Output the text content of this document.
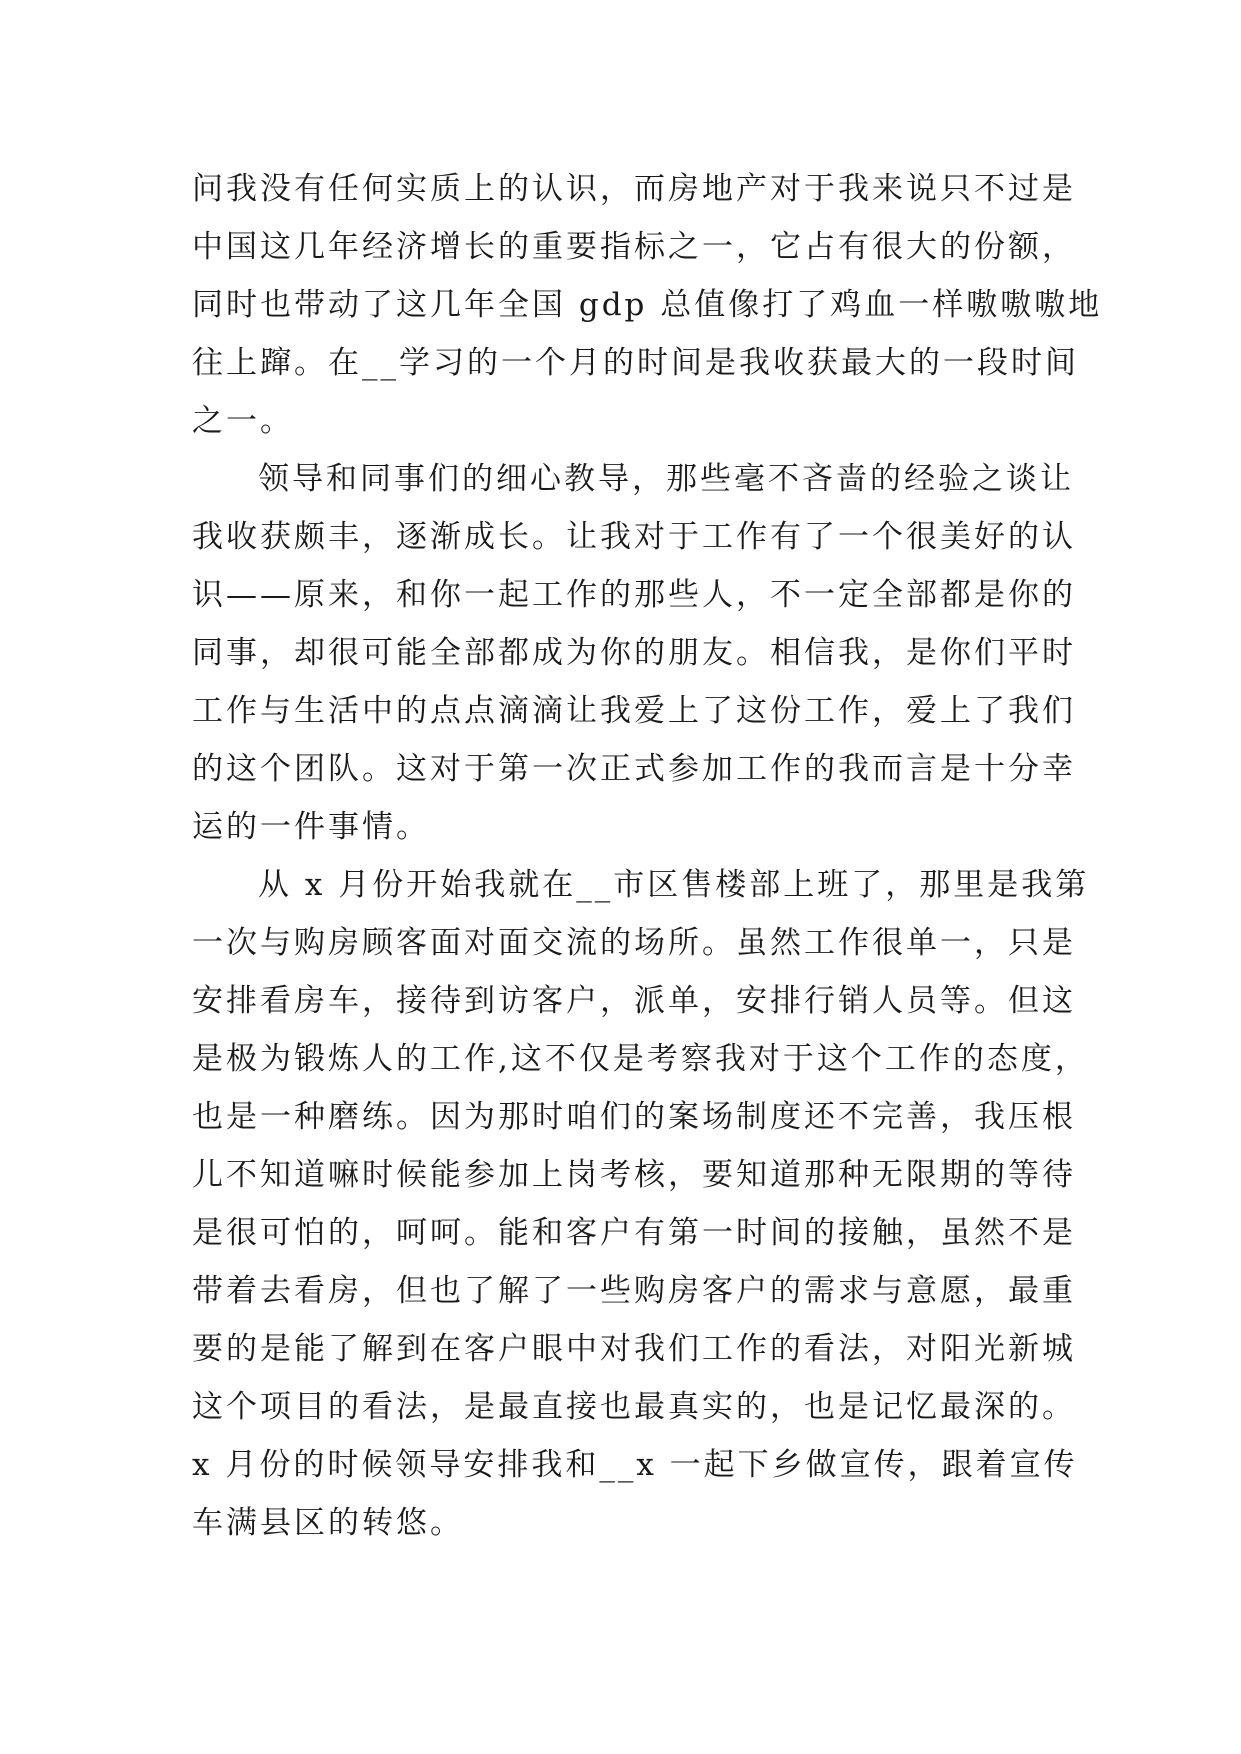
问我没有任何实质上的认识，而房地产对于我来说只不过是
中国这几年经济增长的重要指标之一，它占有很大的份额，
同时也带动了这几年全国 gdp 总值像打了鸡血一样嗷嗷嗷地
往上蹿。在__学习的一个月的时间是我收获最大的一段时间
之一。
领导和同事们的细心教导，那些毫不吝啬的经验之谈让
我收获颇丰，逐渐成长。让我对于工作有了一个很美好的认
识——原来，和你一起工作的那些人，不一定全部都是你的
同事，却很可能全部都成为你的朋友。相信我，是你们平时
工作与生活中的点点滴滴让我爱上了这份工作，爱上了我们
的这个团队。这对于第一次正式参加工作的我而言是十分幸
运的一件事情。
从 x 月份开始我就在__市区售楼部上班了，那里是我第
一次与购房顾客面对面交流的场所。虽然工作很单一，只是
安排看房车，接待到访客户，派单，安排行销人员等。但这
是极为锻炼人的工作,这不仅是考察我对于这个工作的态度，
也是一种磨练。因为那时咱们的案场制度还不完善，我压根
儿不知道嘛时候能参加上岗考核，要知道那种无限期的等待
是很可怕的，呵呵。能和客户有第一时间的接触，虽然不是
带着去看房，但也了解了一些购房客户的需求与意愿，最重
要的是能了解到在客户眼中对我们工作的看法，对阳光新城
这个项目的看法，是最直接也最真实的，也是记忆最深的。
x 月份的时候领导安排我和__x 一起下乡做宣传，跟着宣传
车满县区的转悠。
